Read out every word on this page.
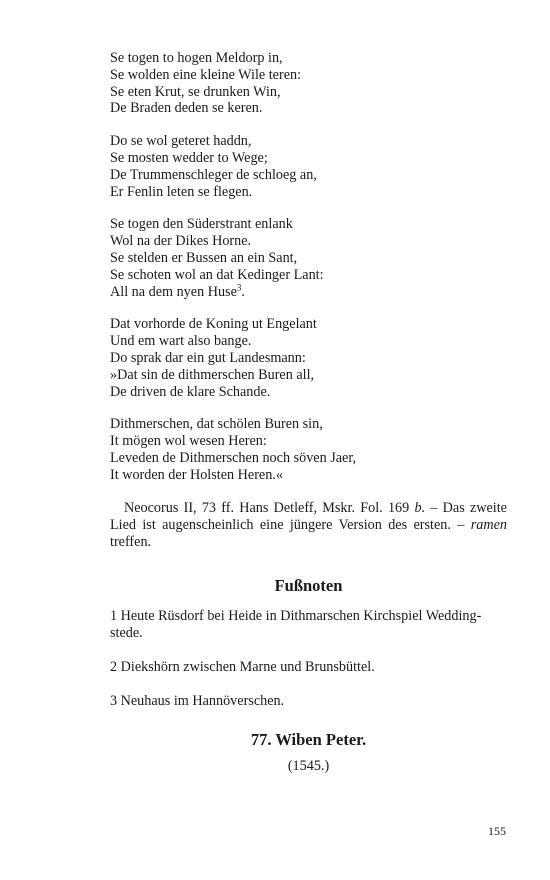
Se togen to hogen Meldorp in,
Se wolden eine kleine Wile teren:
Se eten Krut, se drunken Win,
De Braden deden se keren.
Do se wol geteret haddn,
Se mosten wedder to Wege;
De Trummenschleger de schloeg an,
Er Fenlin leten se flegen.
Se togen den Süderstrant enlank
Wol na der Dikes Horne.
Se stelden er Bussen an ein Sant,
Se schoten wol an dat Kedinger Lant:
All na dem nyen Huse$^3$.
Dat vorhorde de Koning ut Engelant
Und em wart also bange.
Do sprak dar ein gut Landesmann:
»Dat sin de dithmerschen Buren all,
De driven de klare Schande.
Dithmerschen, dat schölen Buren sin,
It mögen wol wesen Heren:
Leveden de Dithmerschen noch söven Jaer,
It worden der Holsten Heren.«

Neocorus II, 73 ff. Hans Detleff, Mskr. Fol. 169 b. – Das zweite Lied ist augenscheinlich eine jüngere Version des ersten. – ramen treffen.

Fußnoten

1 Heute Rüsdorf bei Heide in Dithmarschen Kirchspiel Wedding-stede.

2 Diekshörn zwischen Marne und Brunsbüttel.

3 Neuhaus im Hannöverschen.

77. Wiben Peter.
(1545.)
155
